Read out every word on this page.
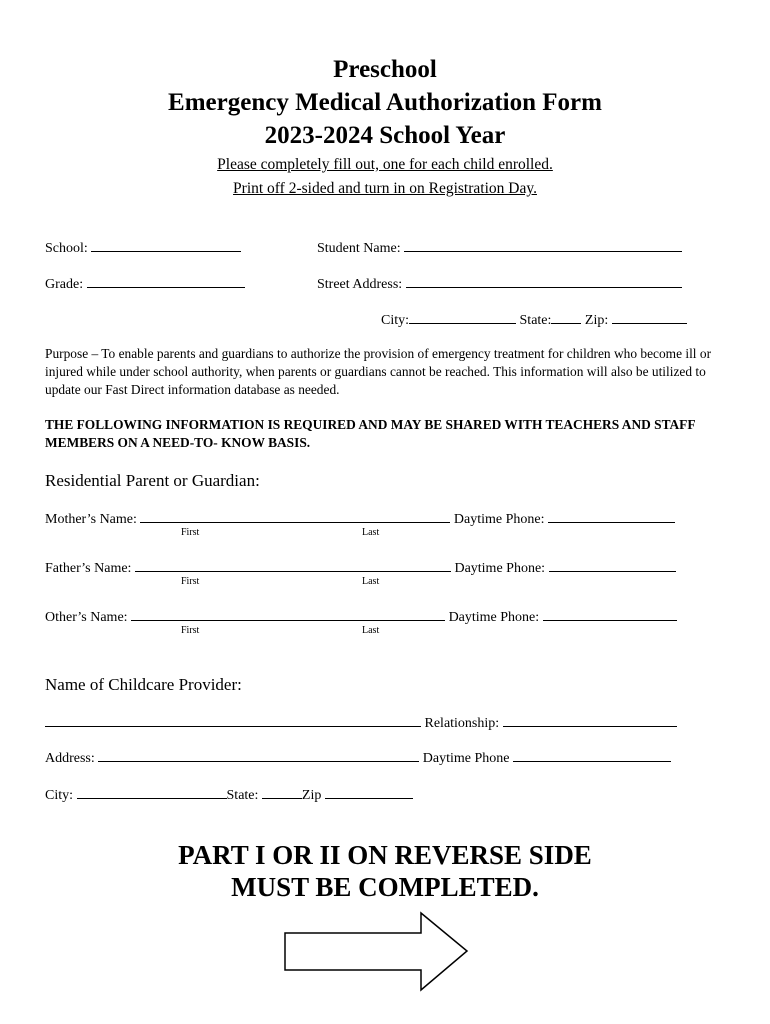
Preschool
Emergency Medical Authorization Form
2023-2024 School Year
Please completely fill out, one for each child enrolled.
Print off 2-sided and turn in on Registration Day.
School:	Student Name:
Grade:	Street Address:
City:	State: Zip:
Purpose – To enable parents and guardians to authorize the provision of emergency treatment for children who become ill or injured while under school authority, when parents or guardians cannot be reached. This information will also be utilized to update our Fast Direct information database as needed.
THE FOLLOWING INFORMATION IS REQUIRED AND MAY BE SHARED WITH TEACHERS AND STAFF MEMBERS ON A NEED-TO- KNOW BASIS.
Residential Parent or Guardian:
Mother’s Name:	Daytime Phone:
First	Last
Father’s Name:	Daytime Phone:
First	Last
Other’s Name:	Daytime Phone:
First	Last
Name of Childcare Provider:
Relationship:
Address:	Daytime Phone
City:	State:	Zip
PART I OR II ON REVERSE SIDE
MUST BE COMPLETED.
